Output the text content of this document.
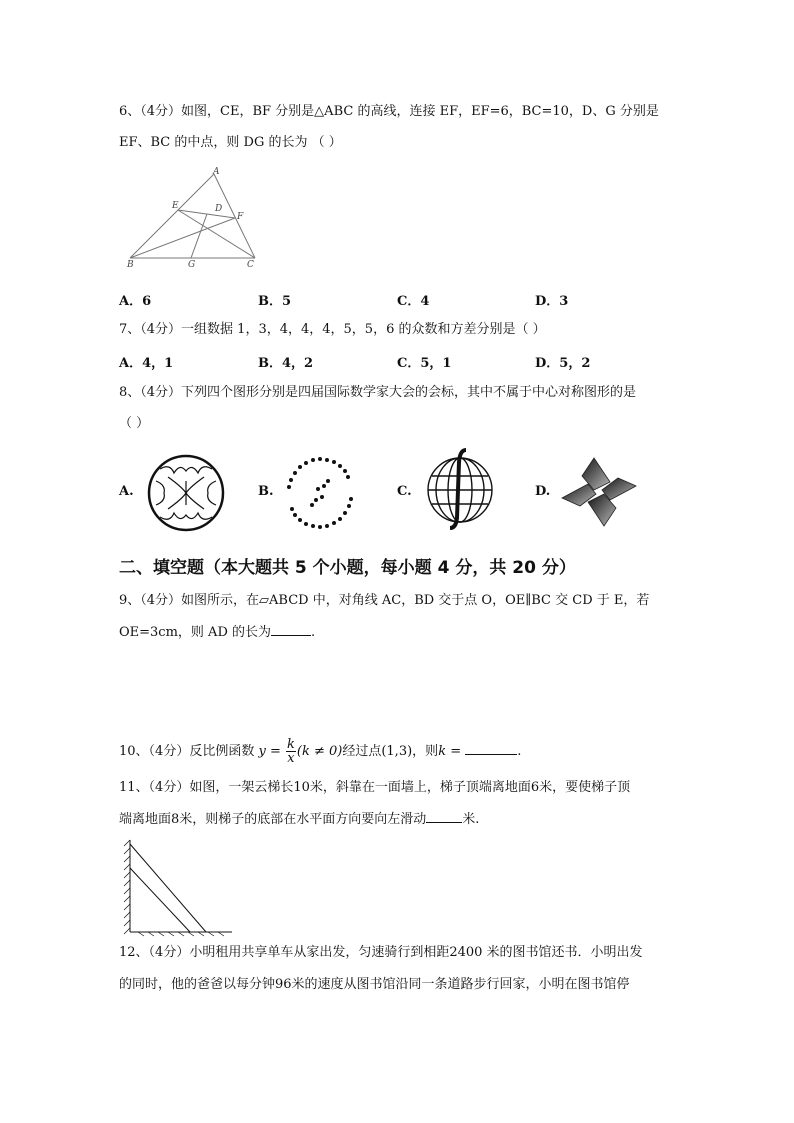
6、（4分）如图，CE，BF 分别是△ABC 的高线，连接 EF，EF=6，BC=10，D、G 分别是
EF、BC 的中点，则 DG 的长为 （ ）
A
E	D
F
B	G	C
A．6	B．5	C．4	D．3
7、（4分）一组数据 1，3，4，4，4，5，5，6 的众数和方差分别是（ ）
A．4，1	B．4，2	C．5，1	D．5，2
8、（4分）下列四个图形分别是四届国际数学家大会的会标，其中不属于中心对称图形的是
（ ）
A.	B.	C.	D.
二、填空题（本大题共 5 个小题，每小题 4 分，共 20 分）
9、（4分）如图所示，在▱ABCD 中，对角线 AC，BD 交于点 O，OE∥BC 交 CD 于 E，若
OE=3cm，则 AD 的长为	.
10、（4分）反比例函数 $y = \frac{k}{x} (k \ne 0)$经过点(1,3)，则k =	.
11、（4分）如图，一架云梯长10米，斜靠在一面墙上，梯子顶端离地面6米，要使梯子顶
端离地面8米，则梯子的底部在水平面方向要向左滑动	米.
12、（4分）小明租用共享单车从家出发，匀速骑行到相距2400 米的图书馆还书．小明出发
的同时，他的爸爸以每分钟96米的速度从图书馆沿同一条道路步行回家，小明在图书馆停
